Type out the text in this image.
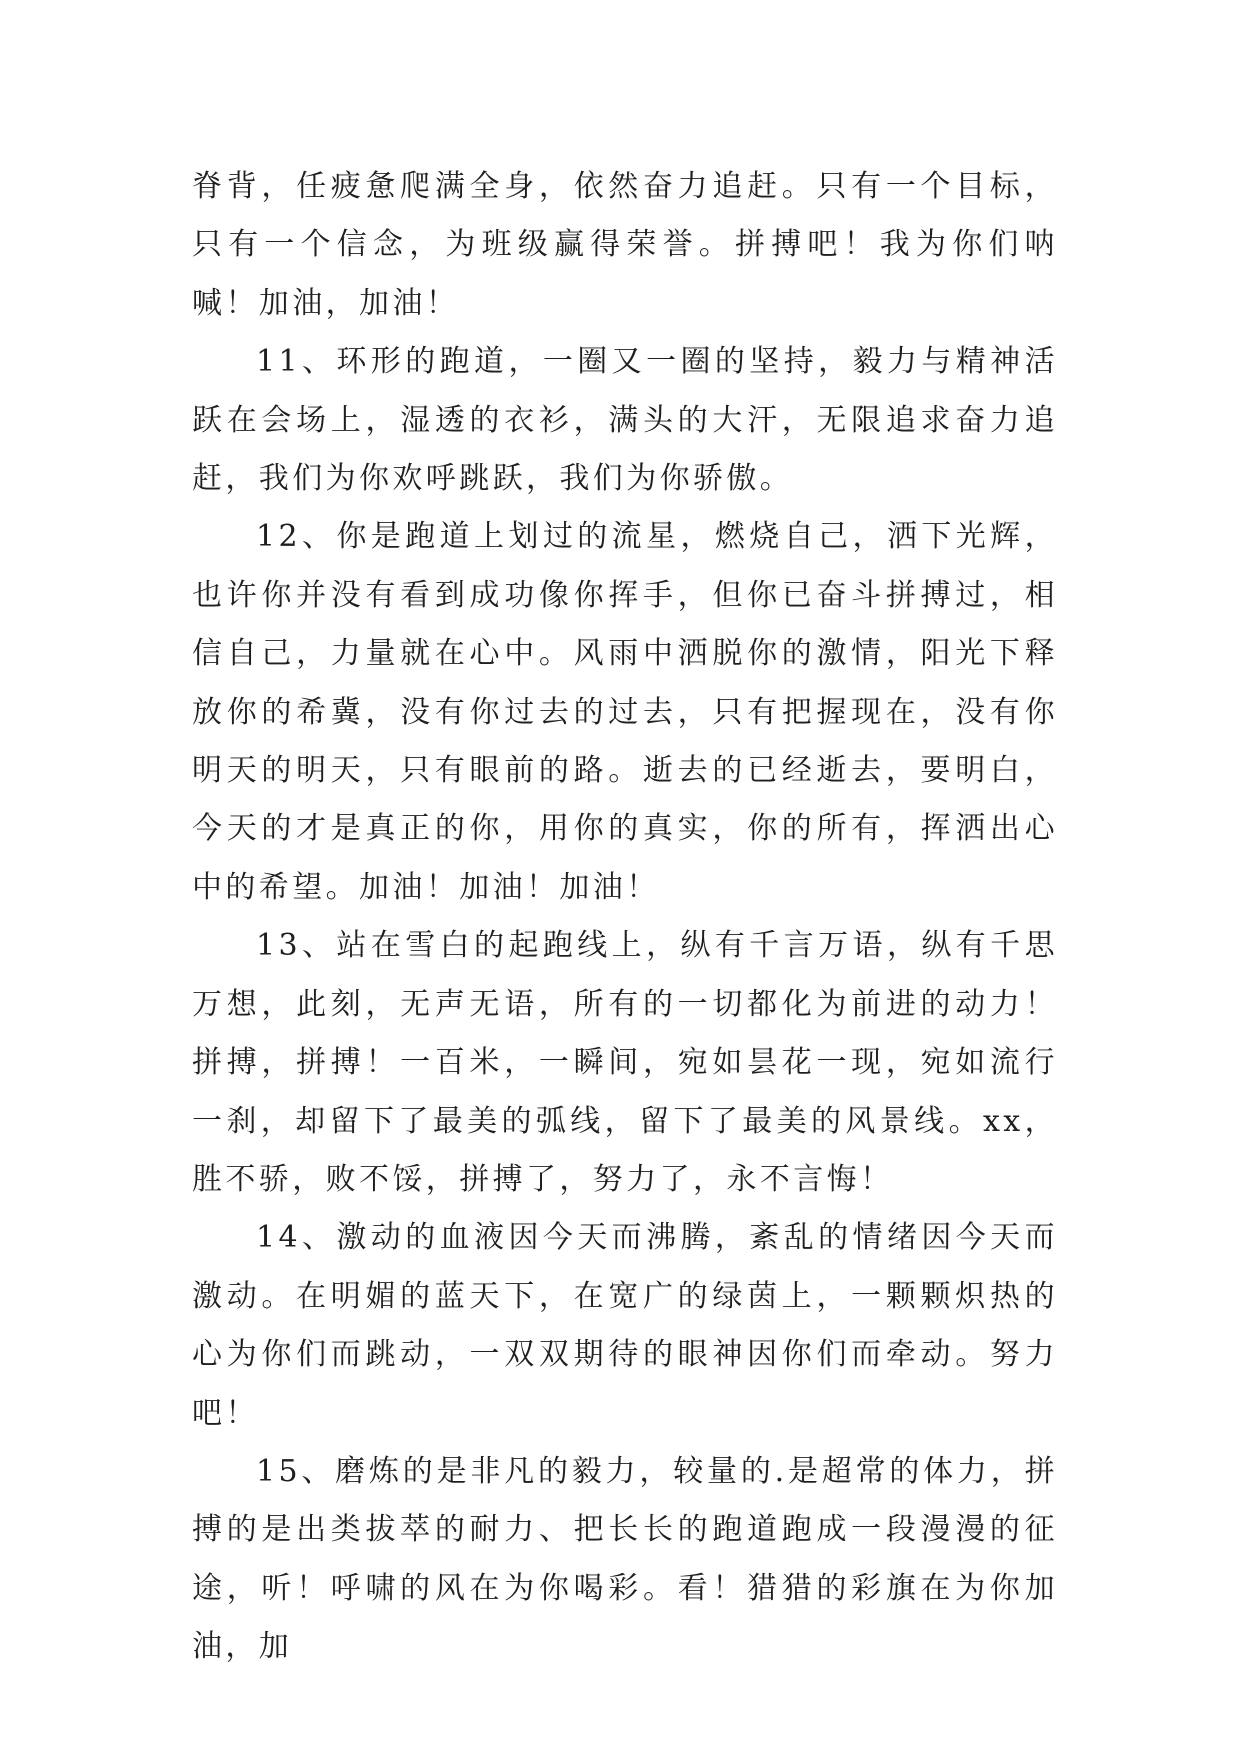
脊背，任疲惫爬满全身，依然奋力追赶。只有一个目标，只有一个信念，为班级赢得荣誉。拼搏吧！我为你们呐喊！加油，加油！

11、环形的跑道，一圈又一圈的坚持，毅力与精神活跃在会场上，湿透的衣衫，满头的大汗，无限追求奋力追赶，我们为你欢呼跳跃，我们为你骄傲。

12、你是跑道上划过的流星，燃烧自己，洒下光辉，也许你并没有看到成功像你挥手，但你已奋斗拼搏过，相信自己，力量就在心中。风雨中洒脱你的激情，阳光下释放你的希冀，没有你过去的过去，只有把握现在，没有你明天的明天，只有眼前的路。逝去的已经逝去，要明白，今天的才是真正的你，用你的真实，你的所有，挥洒出心中的希望。加油！加油！加油！

13、站在雪白的起跑线上，纵有千言万语，纵有千思万想，此刻，无声无语，所有的一切都化为前进的动力！拼搏，拼搏！一百米，一瞬间，宛如昙花一现，宛如流行一刹，却留下了最美的弧线，留下了最美的风景线。xx，胜不骄，败不馁，拼搏了，努力了，永不言悔！

14、激动的血液因今天而沸腾，紊乱的情绪因今天而激动。在明媚的蓝天下，在宽广的绿茵上，一颗颗炽热的心为你们而跳动，一双双期待的眼神因你们而牵动。努力吧！

15、磨炼的是非凡的毅力，较量的.是超常的体力，拼搏的是出类拔萃的耐力、把长长的跑道跑成一段漫漫的征途，听！呼啸的风在为你喝彩。看！猎猎的彩旗在为你加油，加
